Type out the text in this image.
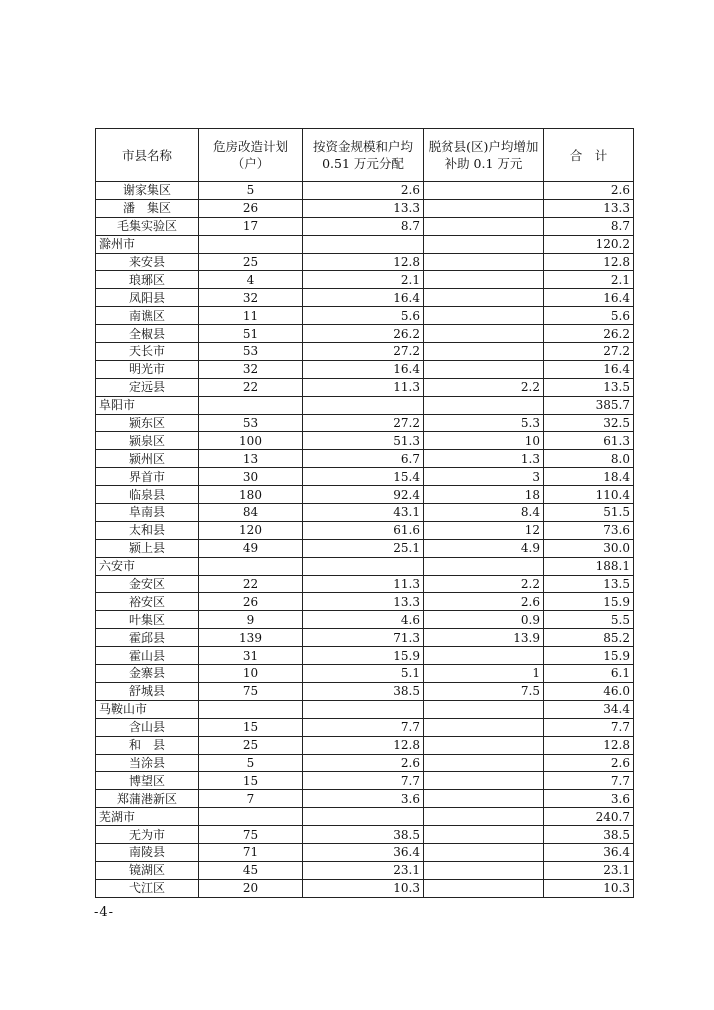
市县名称	危房改造计划（户）	按资金规模和户均 0.51 万元分配	脱贫县(区)户均增加补助 0.1 万元	合　计
谢家集区	5	2.6		2.6
潘　集区	26	13.3		13.3
毛集实验区	17	8.7		8.7
滁州市				120.2
来安县	25	12.8		12.8
琅琊区	4	2.1		2.1
凤阳县	32	16.4		16.4
南谯区	11	5.6		5.6
全椒县	51	26.2		26.2
天长市	53	27.2		27.2
明光市	32	16.4		16.4
定远县	22	11.3	2.2	13.5
阜阳市				385.7
颍东区	53	27.2	5.3	32.5
颍泉区	100	51.3	10	61.3
颍州区	13	6.7	1.3	8.0
界首市	30	15.4	3	18.4
临泉县	180	92.4	18	110.4
阜南县	84	43.1	8.4	51.5
太和县	120	61.6	12	73.6
颍上县	49	25.1	4.9	30.0
六安市				188.1
金安区	22	11.3	2.2	13.5
裕安区	26	13.3	2.6	15.9
叶集区	9	4.6	0.9	5.5
霍邱县	139	71.3	13.9	85.2
霍山县	31	15.9		15.9
金寨县	10	5.1	1	6.1
舒城县	75	38.5	7.5	46.0
马鞍山市				34.4
含山县	15	7.7		7.7
和　县	25	12.8		12.8
当涂县	5	2.6		2.6
博望区	15	7.7		7.7
郑蒲港新区	7	3.6		3.6
芜湖市				240.7
无为市	75	38.5		38.5
南陵县	71	36.4		36.4
镜湖区	45	23.1		23.1
弋江区	20	10.3		10.3
-4-
